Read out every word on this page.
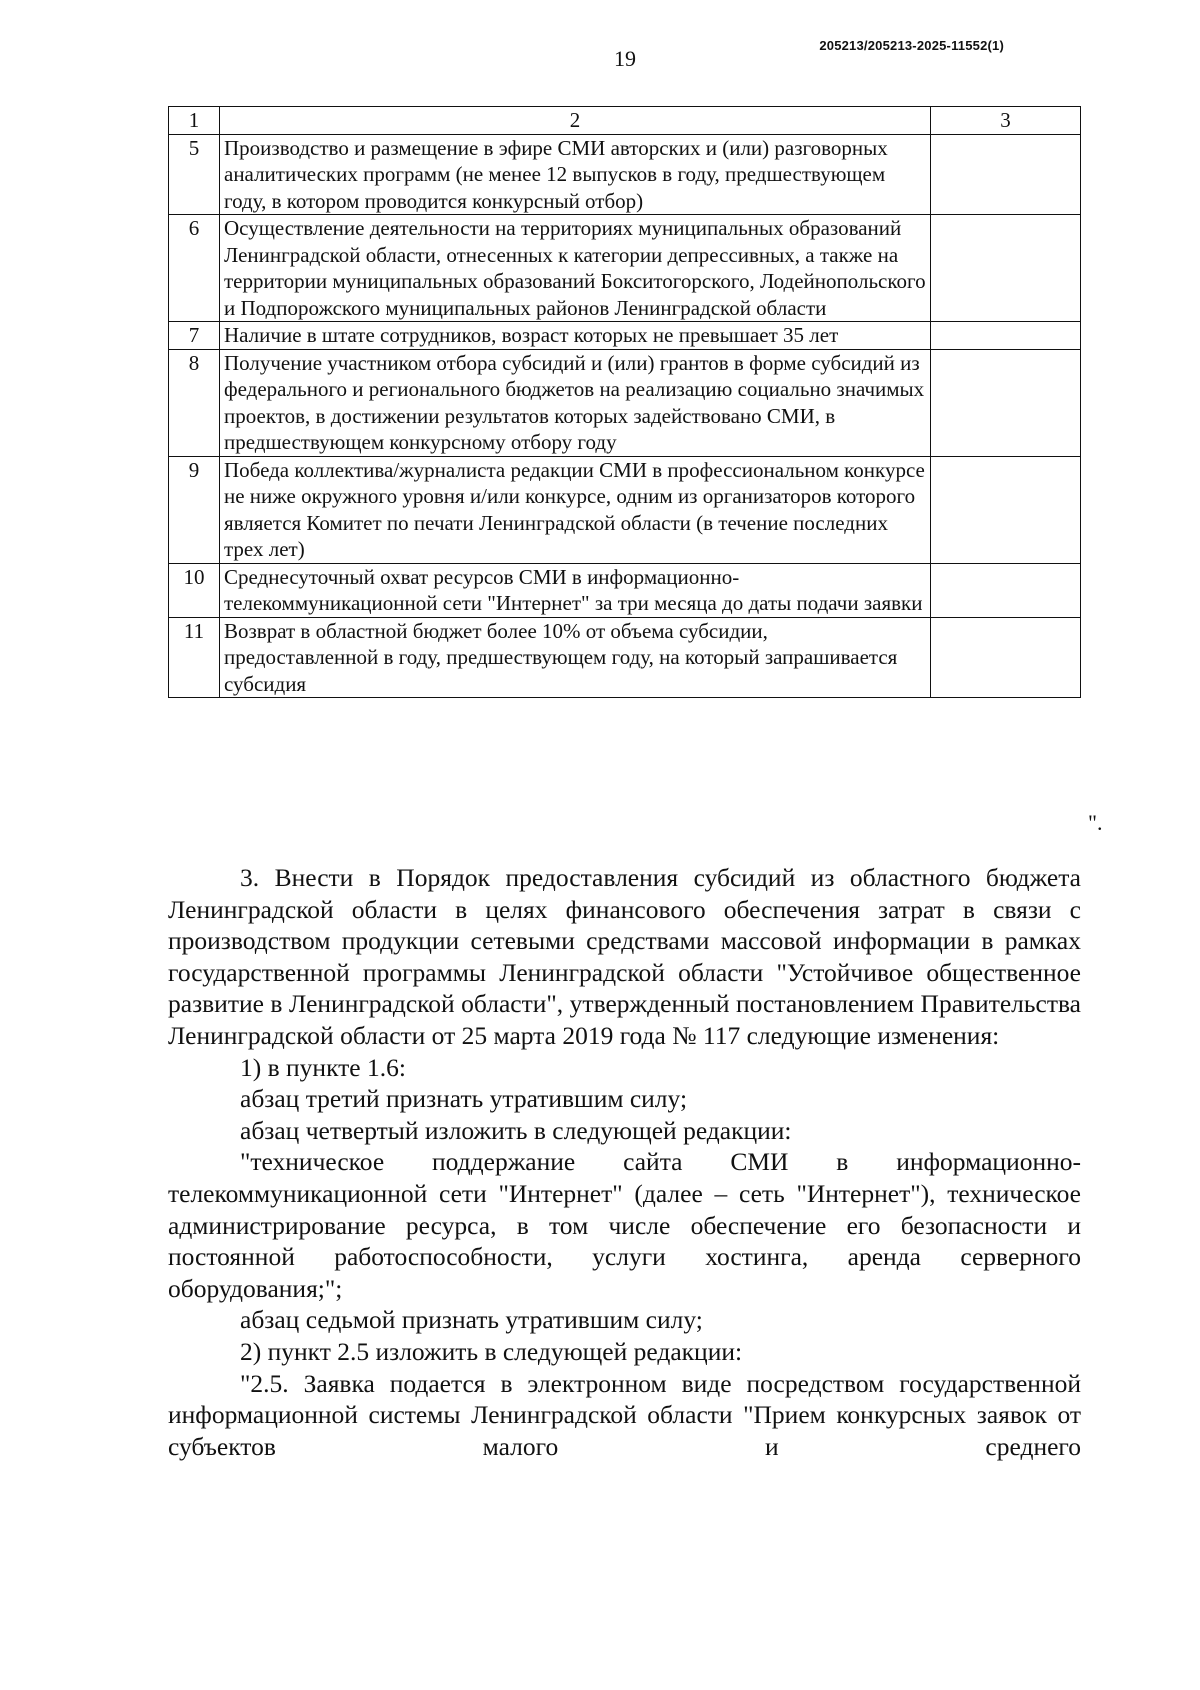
19
205213/205213-2025-11552(1)
1	2	3
5	Производство и размещение в эфире СМИ авторских и (или) разговорных аналитических программ (не менее 12 выпусков в году, предшествующем году, в котором проводится конкурсный отбор)	
6	Осуществление деятельности на территориях муниципальных образований Ленинградской области, отнесенных к категории депрессивных, а также на территории муниципальных образований Бокситогорского, Лодейнопольского и Подпорожского муниципальных районов Ленинградской области	
7	Наличие в штате сотрудников, возраст которых не превышает 35 лет	
8	Получение участником отбора субсидий и (или) грантов в форме субсидий из федерального и регионального бюджетов на реализацию социально значимых проектов, в достижении результатов которых задействовано СМИ, в предшествующем конкурсному отбору году	
9	Победа коллектива/журналиста редакции СМИ в профессиональном конкурсе не ниже окружного уровня и/или конкурсе, одним из организаторов которого является Комитет по печати Ленинградской области (в течение последних трех лет)	
10	Среднесуточный охват ресурсов СМИ в информационно-телекоммуникационной сети "Интернет" за три месяца до даты подачи заявки	
11	Возврат в областной бюджет более 10% от объема субсидии, предоставленной в году, предшествующем году, на который запрашивается субсидия	
".

3. Внести в Порядок предоставления субсидий из областного бюджета Ленинградской области в целях финансового обеспечения затрат в связи с производством продукции сетевыми средствами массовой информации в рамках государственной программы Ленинградской области "Устойчивое общественное развитие в Ленинградской области", утвержденный постановлением Правительства Ленинградской области от 25 марта 2019 года № 117 следующие изменения:

1) в пункте 1.6:

абзац третий признать утратившим силу;

абзац четвертый изложить в следующей редакции:

"техническое поддержание сайта СМИ в информационно-телекоммуникационной сети "Интернет" (далее – сеть "Интернет"), техническое администрирование ресурса, в том числе обеспечение его безопасности и постоянной работоспособности, услуги хостинга, аренда серверного оборудования;";

абзац седьмой признать утратившим силу;

2) пункт 2.5 изложить в следующей редакции:

"2.5. Заявка подается в электронном виде посредством государственной информационной системы Ленинградской области "Прием конкурсных заявок от субъектов малого и среднего
